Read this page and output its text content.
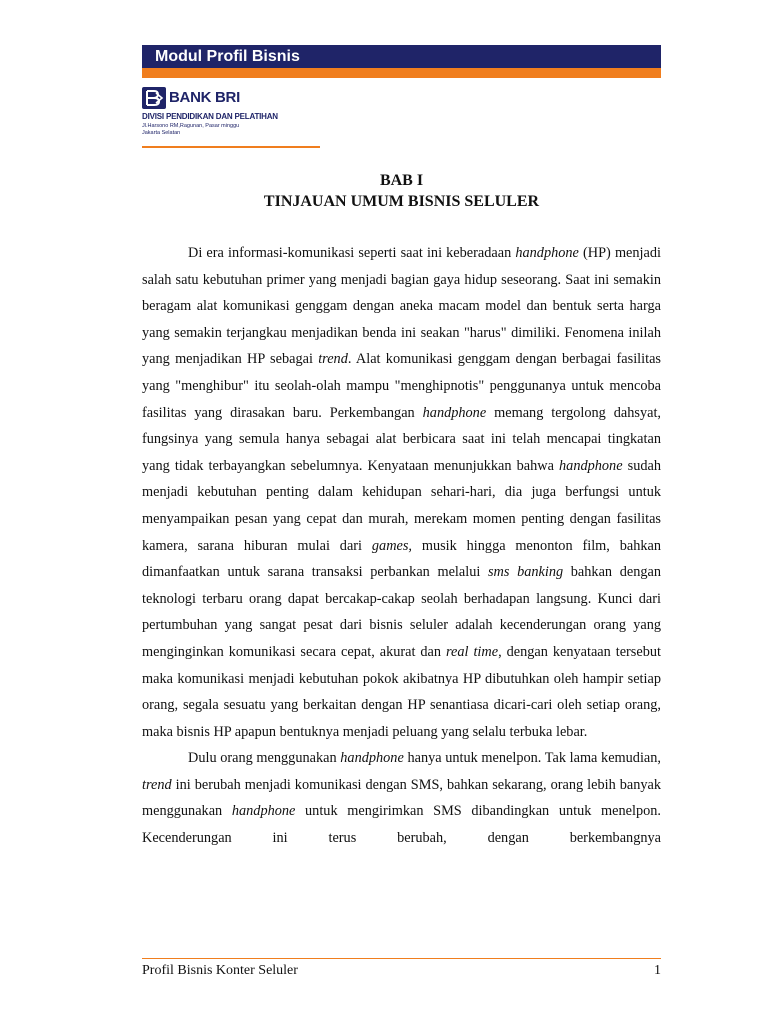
Modul Profil Bisnis
BANK BRI
DIVISI PENDIDIKAN DAN PELATIHAN
Jl.Harsono RM,Ragunan, Pasar minggu
Jakarta Selatan
BAB I
TINJAUAN UMUM BISNIS SELULER

Di era informasi-komunikasi seperti saat ini keberadaan handphone (HP) menjadi salah satu kebutuhan primer yang menjadi bagian gaya hidup seseorang. Saat ini semakin beragam alat komunikasi genggam dengan aneka macam model dan bentuk serta harga yang semakin terjangkau menjadikan benda ini seakan "harus" dimiliki. Fenomena inilah yang menjadikan HP sebagai trend. Alat komunikasi genggam dengan berbagai fasilitas yang "menghibur" itu seolah-olah mampu "menghipnotis" penggunanya untuk mencoba fasilitas yang dirasakan baru. Perkembangan handphone memang tergolong dahsyat, fungsinya yang semula hanya sebagai alat berbicara saat ini telah mencapai tingkatan yang tidak terbayangkan sebelumnya. Kenyataan menunjukkan bahwa handphone sudah menjadi kebutuhan penting dalam kehidupan sehari-hari, dia juga berfungsi untuk menyampaikan pesan yang cepat dan murah, merekam momen penting dengan fasilitas kamera, sarana hiburan mulai dari games, musik hingga menonton film, bahkan dimanfaatkan untuk sarana transaksi perbankan melalui sms banking bahkan dengan teknologi terbaru orang dapat bercakap-cakap seolah berhadapan langsung. Kunci dari pertumbuhan yang sangat pesat dari bisnis seluler adalah kecenderungan orang yang menginginkan komunikasi secara cepat, akurat dan real time, dengan kenyataan tersebut maka komunikasi menjadi kebutuhan pokok akibatnya HP dibutuhkan oleh hampir setiap orang, segala sesuatu yang berkaitan dengan HP senantiasa dicari-cari oleh setiap orang, maka bisnis HP apapun bentuknya menjadi peluang yang selalu terbuka lebar.

Dulu orang menggunakan handphone hanya untuk menelpon. Tak lama kemudian, trend ini berubah menjadi komunikasi dengan SMS, bahkan sekarang, orang lebih banyak menggunakan handphone untuk mengirimkan SMS dibandingkan untuk menelpon. Kecenderungan ini terus berubah, dengan berkembangnya

Profil Bisnis Konter Seluler	1
